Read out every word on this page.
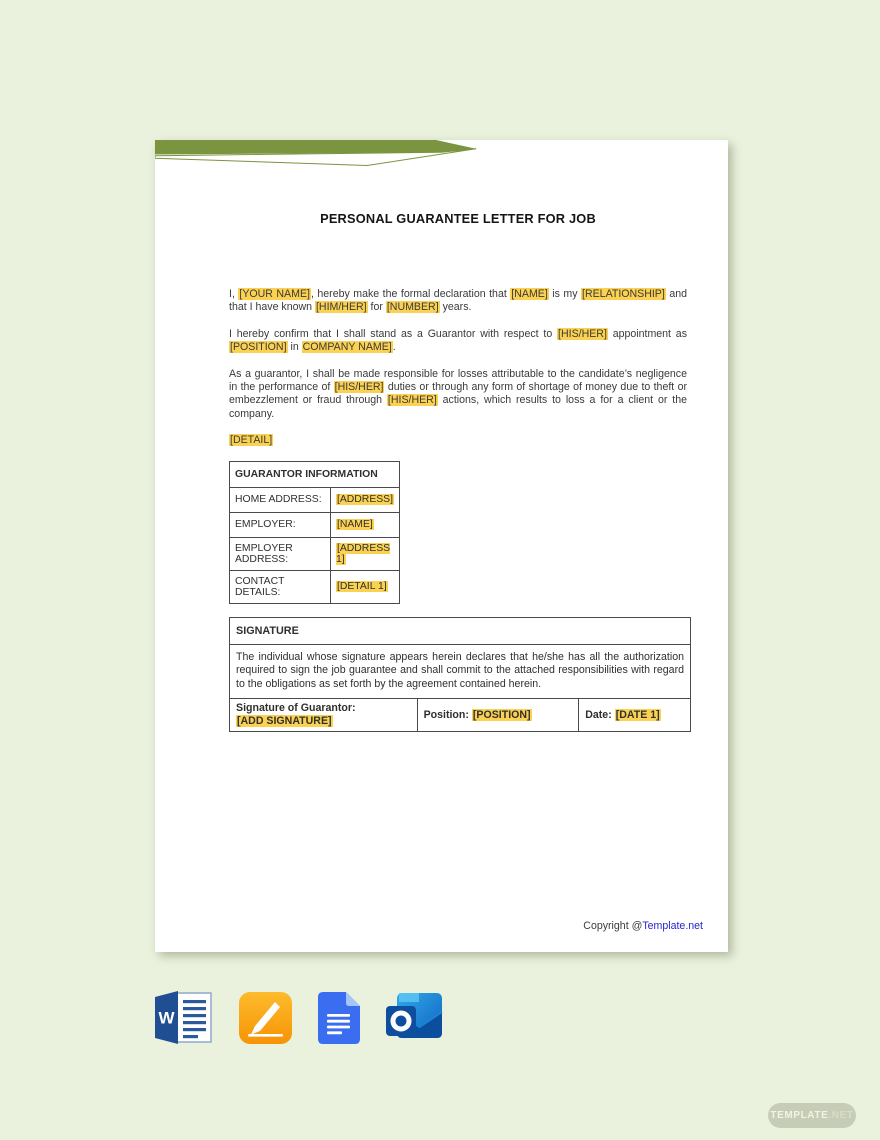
PERSONAL GUARANTEE LETTER FOR JOB

I, [YOUR NAME], hereby make the formal declaration that [NAME] is my [RELATIONSHIP] and that I have known [HIM/HER] for [NUMBER] years.

I hereby confirm that I shall stand as a Guarantor with respect to [HIS/HER] appointment as [POSITION] in COMPANY NAME].

As a guarantor, I shall be made responsible for losses attributable to the candidate’s negligence in the performance of [HIS/HER] duties or through any form of shortage of money due to theft or embezzlement or fraud through [HIS/HER] actions, which results to loss a for a client or the company.

[DETAIL]

GUARANTOR INFORMATION	
HOME ADDRESS:	[ADDRESS]
EMPLOYER:	[NAME]
EMPLOYER ADDRESS:	[ADDRESS 1]
CONTACT DETAILS:	[DETAIL 1]
SIGNATURE
The individual whose signature appears herein declares that he/she has all the authorization required to sign the job guarantee and shall commit to the attached responsibilities with regard to the obligations as set forth by the agreement contained herein.

Signature of Guarantor:
[ADD SIGNATURE]	Position: [POSITION]	Date: [DATE 1]
Copyright @Template.net
W
TEMPLATE .NET
